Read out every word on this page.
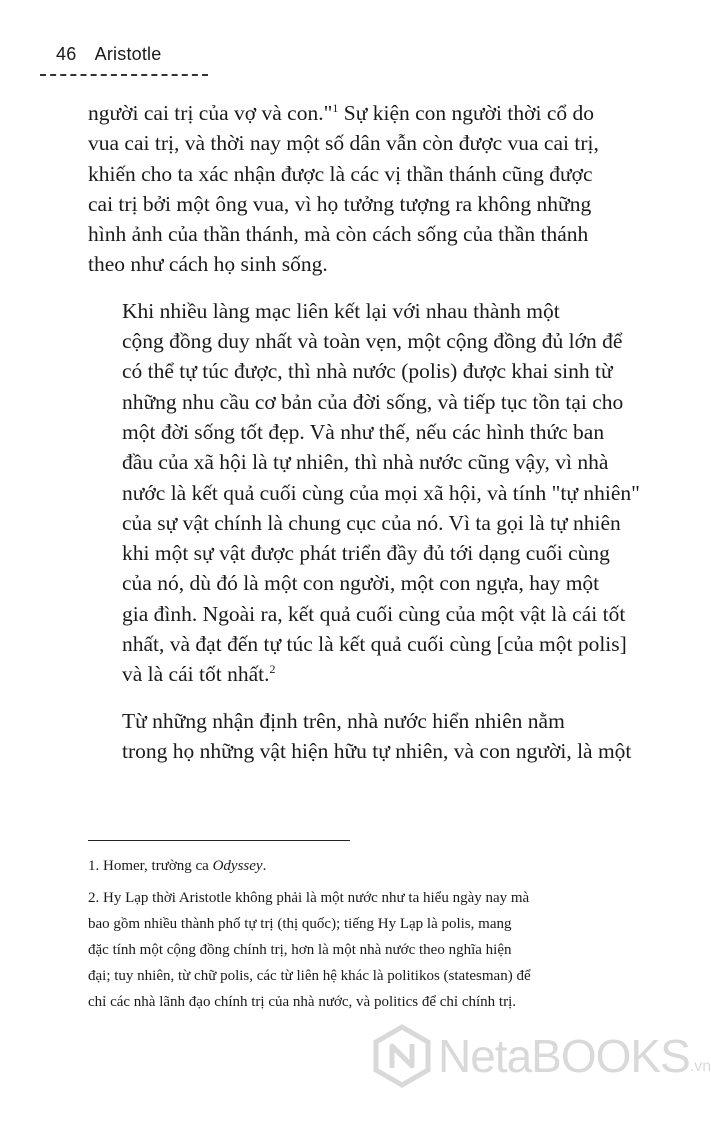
46 Aristotle

người cai trị của vợ và con."$^1$ Sự kiện con người thời cổ do
vua cai trị, và thời nay một số dân vẫn còn được vua cai trị,
khiến cho ta xác nhận được là các vị thần thánh cũng được
cai trị bởi một ông vua, vì họ tưởng tượng ra không những
hình ảnh của thần thánh, mà còn cách sống của thần thánh
theo như cách họ sinh sống.

Khi nhiều làng mạc liên kết lại với nhau thành một
cộng đồng duy nhất và toàn vẹn, một cộng đồng đủ lớn để
có thể tự túc được, thì nhà nước (polis) được khai sinh từ
những nhu cầu cơ bản của đời sống, và tiếp tục tồn tại cho
một đời sống tốt đẹp. Và như thế, nếu các hình thức ban
đầu của xã hội là tự nhiên, thì nhà nước cũng vậy, vì nhà
nước là kết quả cuối cùng của mọi xã hội, và tính "tự nhiên"
của sự vật chính là chung cục của nó. Vì ta gọi là tự nhiên
khi một sự vật được phát triển đầy đủ tới dạng cuối cùng
của nó, dù đó là một con người, một con ngựa, hay một
gia đình. Ngoài ra, kết quả cuối cùng của một vật là cái tốt
nhất, và đạt đến tự túc là kết quả cuối cùng [của một polis]
và là cái tốt nhất.$^2$

Từ những nhận định trên, nhà nước hiển nhiên nằm
trong họ những vật hiện hữu tự nhiên, và con người, là một

1. Homer, trường ca Odyssey.

2. Hy Lạp thời Aristotle không phải là một nước như ta hiểu ngày nay mà
bao gồm nhiều thành phố tự trị (thị quốc); tiếng Hy Lạp là polis, mang
đặc tính một cộng đồng chính trị, hơn là một nhà nước theo nghĩa hiện
đại; tuy nhiên, từ chữ polis, các từ liên hệ khác là politikos (statesman) để
chỉ các nhà lãnh đạo chính trị của nhà nước, và politics để chỉ chính trị.

NetaBOOKS .vn
